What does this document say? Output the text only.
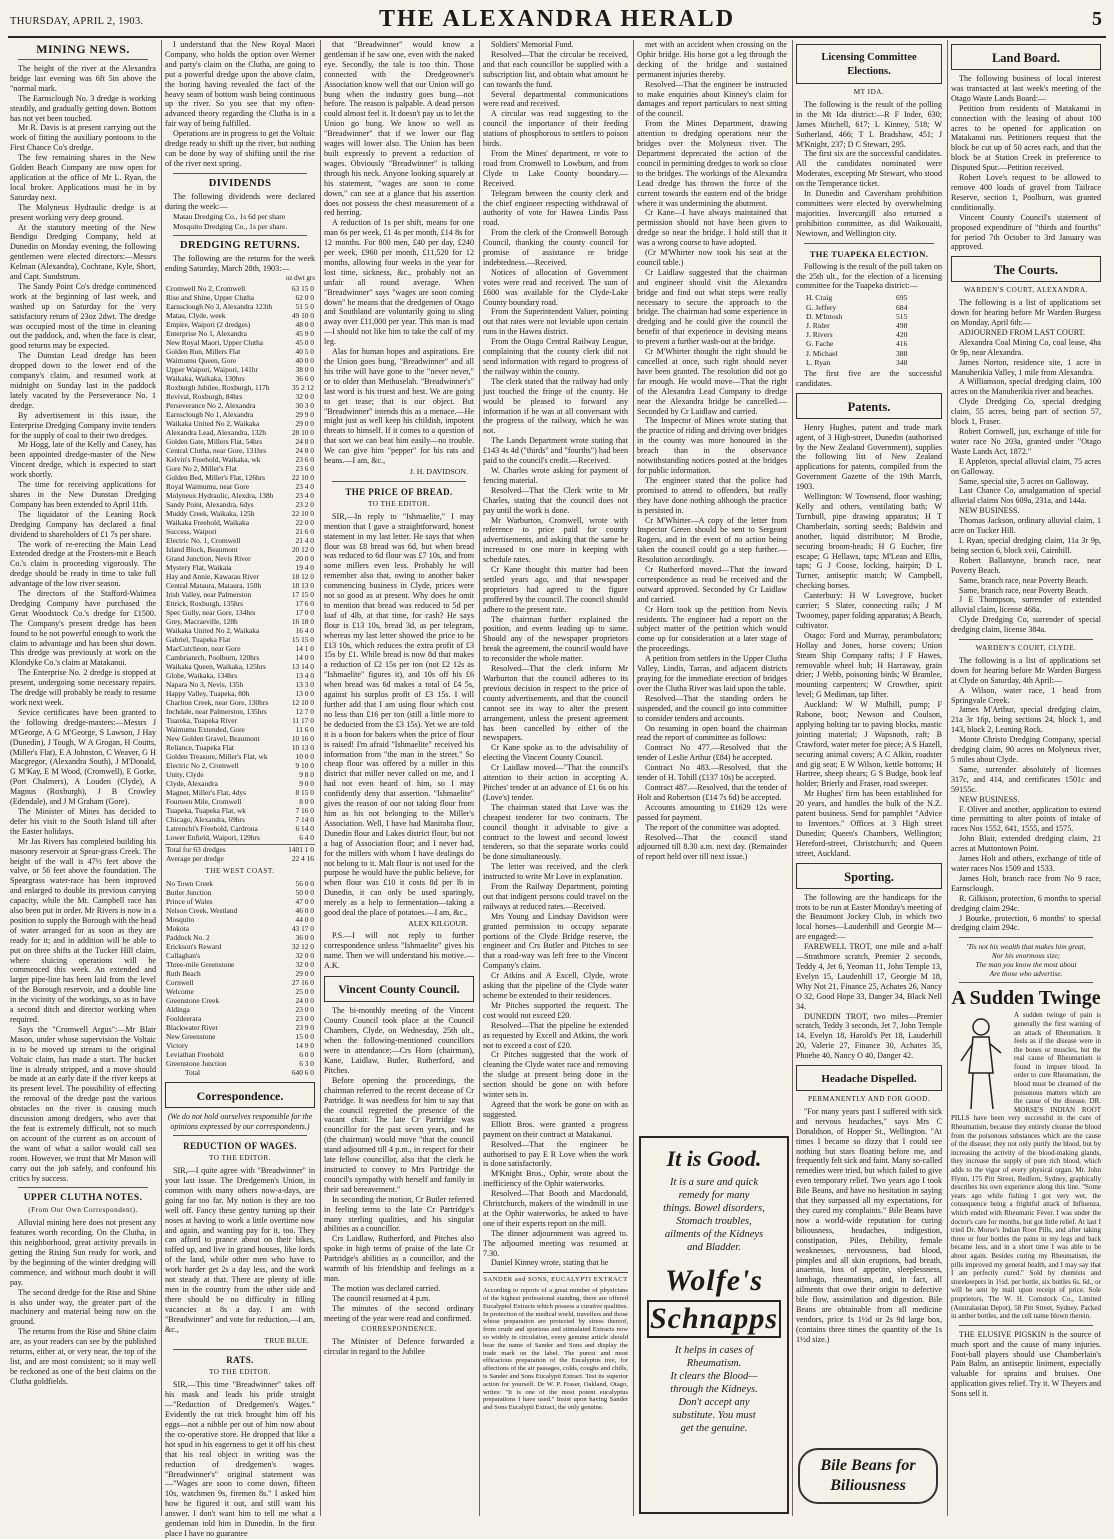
THURSDAY, APRIL 2, 1903.	THE ALEXANDRA HERALD	5
MINING NEWS.

The height of the river at the Alexandra bridge last evening was 6ft 5in above the "normal mark.

The Earnsclough No. 3 dredge is working steadily, and gradually getting down. Bottom has not yet been touched.

Mr R. Davis is at present carrying out the work of fitting the auxiliary pontoons to the First Chance Co's dredge.

The few remaining shares in the New Golden Beach Company are now open for application at the office of Mr L. Ryan, the local broker. Applications must be in by Saturday next.

The Molyneux Hydraulic dredge is at present working very deep ground.

At the statutory meeting of the New Bendigo Dredging Company, held at Dunedin on Monday evening, the following gentlemen were elected directors:—Messrs Kelman (Alexandra), Cochrane, Kyle, Short, and Capt. Sundstrum.

The Sandy Point Co's dredge commenced work at the beginning of last week, and washed up on Saturday for the very satisfactory return of 23oz 2dwt. The dredge was occupied most of the time in cleaning out the paddock, and, when the face is clear, good returns may be expected.

The Dunstan Lead dredge has been dropped down to the lower end of the company's claim, and resumed work at midnight on Sunday last in the paddock lately vacated by the Perseverance No. 1 dredge.

By advertisement in this issue, the Enterprise Dredging Company invite tenders for the supply of coal to their two dredges.

Mr Hogg, late of the Kelly and Casey, has been appointed dredge-master of the New Vincent dredge, which is expected to start work shortly.

The time for receiving applications for shares in the New Dunstan Dredging Company has been extended to April 11th.

The liquidator of the Leaning Rock Dredging Company has declared a final dividend to shareholders of £1 7s per share.

The work of re-erecting the Main Lead Extended dredge at the Frosters-mit e Beach Co.'s claim is proceeding vigorously. The dredge should be ready in time to take full advantage of the low river season.

The directors of the Stafford-Waimea Dredging Company have purchased the Great Woodstock Co.'s dredge for £1500. The Company's present dredge has been found to be not powerful enough to work the claim to advantage and has been shut down. This dredge was previously at work on the Klondyke Co.'s claim at Matakanui.

The Enterprise No. 2 dredge is stopped at present, undergoing some necessary repairs. The dredge will probably be ready to resume work next week.

Sevice certificates have been granted to the following dredge-masters:—Messrs J M'George, A G M'George, S Lawson, J Hay (Dunedin), J Tough, W A Grogan, H Coutts, (Miller's Flat), E A Johnston, C Weaver, G H Macgregor, (Alexandra South), J M'Donald, G M'Kay, E M Wood, (Cromwell), E Gorke, (Port Chalmers), A Louden (Clyde), A Magnus (Roxburgh), J B Crowley (Edendale), and J M Graham (Gore).

The Minister of Mines has decided to defer his visit to the South Island till after the Easter holidays.

Mr Jas Rivers has completed building his masonry reservoir at Spear-grass Creek. The height of the wall is 47½ feet above the valve, or 56 feet above the foundation. The Speargrass water-race has been improved and enlarged to double its previous carrying capacity, while the Mt. Campbell race has also been put in order. Mr Rivers is now in a position to supply the Borough with the head of water arranged for as soon as they are ready for it; and in addition will be able to put on three shifts at the Tucker Hill claim, where sluicing operations will be commenced this week. An extended and larger pipe-line has been laid from the level of the Borough reservoir, and a double line in the vicinity of the workings, so as to have a second ditch and director working when required.

Says the "Cromwell Argus":—Mr Blair Mason, under whose supervision the Voltaic is to be moved up stream to the original Voltaic claim, has made a start. The bucket line is already stripped, and a move should be made at an early date if the river keeps at its present level. The possibility of effecting the removal of the dredge past the various obstacles on the river is causing much discussion among dredgers, who aver that the feat is extremely difficult, not so much on account of the current as on account of the want of what a sailor would call sea room. However, we trust that Mr Mason will carry out the job safely, and confound his critics by success.

UPPER CLUTHA NOTES.
(From Our Own Correspondent).

Alluvial mining here does not present any features worth recording. On the Clutha, in this neighborhood, great activity prevails in getting the Rising Sun ready for work, and by the beginning of the winter dredging will commence, and without much doubt it will pay.

The second dredge for the Rise and Shine is also under way, the greater part of the machinery and material being now on the ground.

The returns from the Rise and Shine claim are, as your readers can see by the published returns, either at, or very near, the top of the list, and are most consistent; so it may well be reckoned as one of the best claims on the Clutha goldfields.

I understand that the New Royal Maori Company, who holds the option over Werner and party's claim on the Clutha, are going to put a powerful dredge upon the above claim, the boring having revealed the fact of the heavy seam of bottom wash being continuous up the river. So you see that my often-advanced theory regarding the Clutha is in a fair way of being fulfilled.

Operations are in progress to get the Voltaic dredge ready to shift up the river, but nothing can be done by way of shifting until the rise of the river next spring.

DIVIDENDS

The following dividends were declared during the week:—

Matau Dredging Co., 1s 6d per share
Mosquito Dredging Co., 1s per share.
DREDGING RETURNS.

The following are the returns for the week ending Saturday, March 28th, 1903:—

oz dwt grs
Cromwell No 2, Cromwell	63 15 0
Rise and Shine, Upper Clutha	62 0 0
Earnsclough No 3, Alexandra 123th	51 5 0
Matau, Clyde, week	49 10 0
Empire, Waipori (2 dredges)	48 0 0
Enterprise No 1, Alexandra	45 9 0
New Royal Maori, Upper Clutha	45 0 0
Golden Run, Millers Flat	40 5 0
Waimumu Queen, Gore	40 0 0
Upper Waipori, Waipori, 141hr	38 0 0
Waikaka, Waikaka, 130hrs	36 6 0
Roxburgh Jubilee, Roxburgh, 117h	35 2 12
Revival, Roxburgh, 84hrs	32 0 0
Perseverance No 2, Alexandra	30 3 0
Earnsclough No 1, Alexandra	29 9 0
Waikaka United No 2, Waikaka	29 0 0
Alexandra Lead, Alexandra, 132h	28 10 0
Golden Gate, Millers Flat, 54hrs	24 8 0
Central Clutha, near Gore, 131hrs	24 8 0
Kelvin's Freehold, Waikaka, wk	23 6 0
Gore No 2, Miller's Flat	23 6 0
Golden Bed, Miller's Flat, 126hrs	22 10 0
Royal Waimumu, near Gore	23 4 0
Molyneux Hydraulic, Alexdra, 138h	23 4 0
Sandy Point, Alexandra, 6dys	23 2 0
Muddy Creek, Waikaka, 125h	22 10 0
Waikaka Freehold, Waikaka	22 0 0
Success, Waipori	21 6 0
Electric No. 1, Cromwell	21 4 0
Island Block, Beaumont	20 12 0
Grand Junction, Nevis River	20 0 0
Mystery Flat, Waikaia	19 4 0
Hay and Annie, Kawarau River	18 12 0
Central Mataura, Mataura, 150h	18 13 0
Irish Valley, near Palmerston	17 15 0
Ettrick, Roxburgh, 135hrs	17 6 0
Spec Gully, near Gore, 134hrs	17 0 0
Grey, Macraeville, 128h	16 18 0
Waikaka United No 2, Waikaka	16 4 0
Gabriel, Tuapeka Flat	15 15 0
MacCutcheon, near Gore	14 1 0
Cambrianrch, Poolburn, 120hrs	14 0 0
Waikaka Queen, Waikaka, 125hrs	13 14 0
Globe, Waikaka, 134hrs	13 4 0
Napara No 3, Nevis, 135h	13 3 0
Happy Valley, Tuapeka, 80h	13 0 0
Charlton Creek, near Gore, 130hrs	12 10 0
Inchdale, near Palmerston, 135hrs	12 7 0
Tuareka, Tuapeka River	11 17 0
Waimumu Extended, Gore	11 6 0
New Golden Gravel, Beaumont	10 16 0
Reliance, Tuapeka Flat	10 13 0
Golden Treasure, Miller's Flat, wk	10 0 0
Electric No 2, Cromwell	9 10 0
Unity, Clyde	9 8 0
Clyde, Alexandra	9 0 0
Magnet, Miller's Flat, 4dys	8 15 0
Fourteen Mile, Cromwell	8 0 0
Tuapeka, Tuapeka Flat, wk	7 16 0
Chicago, Alexandra, 69hrs	7 14 0
Latrenchi's Freehold, Cardrona	6 14 0
Lower Enfield, Waipori, 129hrs	6 4 0
Total for 63 dredges	1401 1 0
Average per dredge	22 4 16
THE WEST COAST.
No Town Creek	56 0 0
Butler Junction	50 0 0
Prince of Wales	47 0 0
Nelson Creek, Westland	46 0 0
Mosquito	44 0 0
Mokota	43 17 0
Paddock No. 2	36 0 0
Erickson's Reward	32 12 0
Callaghan's	32 0 0
Three-mile Greenstone	32 0 0
Ruth Beach	29 0 0
Cornwell	27 16 0
Welcome	25 0 0
Greenstone Creek	24 0 0
Aldinga	23 0 0
Fooldeerara	23 0 0
Blackwater River	23 9 0
New Greenstone	15 0 0
Victory	14 9 0
Leviathan Freehold	6 0 0
Greenstone Junction	6 3 0
Total	640 6 0
Correspondence.
(We do not hold ourselves responsible for the opinions expressed by our correspondents.)
REDUCTION OF WAGES.
TO THE EDITOR.

SIR,—I quite agree with "Breadwinner" in your last issue. The Dredgemen's Union, in common with many others now-a-days, are going far too far. My notion is they are too well off. Fancy these gentry turning up their noses at having to work a little overtime now and again, and wanting pay for it, too. They can afford to prance about on their bikes, toffed up, and live in grand houses, like lords of the land, while other men who have to work harder get 2s a day less, and the work not steady at that. There are plenty of idle men in the country from the other side and there should be no difficulty in filling vacancies at 8s a day. I am with "Breadwinner" and vote for reduction,—I am, &c.,

TRUE BLUE.
RATS.
TO THE EDITOR.

SIR,—This time "Breadwinner" takes off his mask and leads his pride straight—"Reduction of Dredgemen's Wages." Evidently the rat trick brought him off his eggs—not a nibble per out of him now about the co-operative store. He dropped that like a hot spud in his eagerness to get it off his chest that his real object in writing was the reduction of dredgemen's wages. "Breadwinner's" original statement was—"Wages are soon to come down, fifteen 10s, watchmen 9s, firemen 8s." I asked him how he figured it out, and still want his answer. I don't want him to tell me what a gentleman told him in Dunedin. In the first place I have no guarantee

that "Breadwinner" would know a gentleman if he saw one, even with the naked eye. Secondly, the tale is too thin. Those connected with the Dredgeowner's Association know well that our Union will go bung when the industry goes bung—not before. The reason is palpable. A dead person could almost feel it. It doesn't pay us to let the Union go bung. We know so well as "Breadwinner" that if we lower our flag wages will lower also. The Union has been built expressly to prevent a reduction of wages. Obviously "Breadwinner" is talking through his neck. Anyone looking squarely at his statement, "wages are soon to come down," can see at a glance that his assertion does not possess the chest measurement of a red herring.

A reduction of 1s per shift, means for one man 6s per week, £1 4s per month, £14 8s for 12 months. For 800 men, £40 per day, £240 per week, £960 per month, £11,520 for 12 months, allowing four weeks in the year for lost time, sickness, &c., probably not an unfair all round average. When "Breadwinner" says "wages are soon coming down" he means that the dredgemen of Otago and Southland are voluntarily going to sling away over £11,000 per year. This man is mad—I should not like him to take the calf of my leg.

Alas for human hopes and aspirations. Ere the Union goes bung, "Breadwinner" and all his tribe will have gone to the "never never," or to older than Methuselah. "Breadwinner's" last word is his truest and best. We are going to get tease; that is our object. But "Breadwinner" intends this as a menace.—He might just as well keep his childish, impotent threats to himself. If it comes to a question of that sort we can beat him easily—no trouble. We can give him "pepper" for his rats and beans.—I am, &c.,

J. H. DAVIDSON.
THE PRICE OF BREAD.
TO THE EDITOR.

SIR,—In reply to "Ishmaelite," I may mention that I gave a straightforward, honest statement in my last letter. He says that when flour was £8 bread was 6d, but when bread was reduced to 6d flour was £7 10s, and from some millers even less. Probably he will remember also that, owing to another baker commencing business in Clyde, prices were not so good as at present. Why does he omit to mention that bread was reduced to 5d per loaf of 4lb, at that time, for cash? He says flour is £13 10s, bread 3d, as per telegram, whereas my last letter showed the price to be £13 10s, which reduces the extra profit of £3 15s by £1. While bread is now 8d that makes a reduction of £2 15s per ton (not £2 12s as "Ishmaelite" figures it), and 10s off his £6 when bread was 6d makes a total of £4 5s, against his surplus profit of £3 15s. I will further add that I am using flour which cost no less than £16 per ton (still a little more to be deducted from the £3 15s). Yet we are told it is a boon for bakers when the price of flour is raised! I'm afraid "Ishmaelite" received his information from "the man in the street." So cheap flour was offered by a miller in this district that miller never called on me, and I had not even heard of him, so I may confidently deny that assertion. "Ishmaelite" gives the reason of our not taking flour from him as his not belonging to the Miller's Association. Well, I have had Manitoba flour, Dunedin flour and Lakes district flour, but not a bag of Association flour; and I never had, for the millers with whom I have dealings do not belong to it. Malt flour is not used for the purpose he would have the public believe, for when flour was £10 it costs 8d per lb in Dunedin, it can only be used sparingly, merely as a help to fermentation—taking a good deal the place of potatoes.—I am, &c.,

ALEX KILGOUR.

P.S.—I will not reply to further correspondence unless "Ishmaelite" gives his name. Then we will understand his motive.—A.K.

Vincent County Council.

The bi-monthly meeting of the Vincent County Council took place at the Council Chambers, Clyde, on Wednesday, 25th ult., when the following-mentioned councillors were in attendance:—Crs Horn (chairman), Kane, Laidlaw, Butler, Rutherford, and Pitches.

Before opening the proceedings, the chairman referred to the recent decease of Cr Partridge. It was needless for him to say that the council regretted the presence of the vacant chair. The late Cr Partridge was councillor for the past seven years, and he (the chairman) would move "that the council stand adjourned till 4 p.m., in respect for their late fellow councillor, also that the clerk be instructed to convey to Mrs Partridge the council's sympathy with herself and family in their sad bereavement."

In seconding the motion, Cr Butler referred in feeling terms to the late Cr Partridge's many sterling qualities, and his singular abilities as a councillor.

Crs Laidlaw, Rutherford, and Pitches also spoke in high terms of praise of the late Cr Partridge's abilities as a councillor, and the warmth of his friendship and feelings as a man.

The motion was declared carried.

The council resumed at 4 p.m.

The minutes of the second ordinary meeting of the year were read and confirmed.

CORRESPONDENCE.

The Minister of Defence forwarded a circular in regard to the Jubilee

Soldiers' Memorial Fund.

Resolved—That the circular be received, and that each councillor be supplied with a subscription list, and obtain what amount he can towards the fund.

Several departmental communications were read and received.

A circular was read suggesting to the council the importance of their feeding stations of phosphorous to settlers to poison birds.

From the Mines' department, re vote to road from Cromwell to Lowburn, and from Clyde to Lake County boundary.—Received.

Telegram between the county clerk and the chief engineer respecting withdrawal of authority of vote for Hawea Lindis Pass road.

From the clerk of the Cromwell Borough Council, thanking the county council for promise of assistance re bridge indebtedness.—Received.

Notices of allocation of Government votes were read and received. The sum of £600 was available for the Clyde-Lake County boundary road.

From the Superintendent Valuer, pointing out that rates were not leviable upon certain runs in the Hawea district.

From the Otago Central Railway League, complaining that the county clerk did not send information with regard to progress of the railway within the county.

The clerk stated that the railway had only just touched the fringe of the county. He would be pleased to forward any information if he was at all conversant with the progress of the railway, which he was not.

The Lands Department wrote stating that £143 4s 4d ("thirds" and "fourths") had been paid to the council's credit.—Received.

W. Charles wrote asking for payment of fencing material.

Resolved—That the Clerk write to Mr Charles, stating that the council does not pay until the work is done.

Mr Warburton, Cromwell, wrote with reference to price paid for county advertisements, and asking that the same be increased to one more in keeping with schedule rates.

Cr Kane thought this matter had been settled years ago, and that newspaper proprietors had agreed to the figure proffered by the council. The council should adhere to the present rate.

The chairman further explained the position, and events leading up to same. Should any of the newspaper proprietors break the agreement, the council would have to reconsider the whole matter.

Resolved—That the clerk inform Mr Warburton that the council adheres to its previous decision in respect to the price of county advertisements, and that the council cannot see its way to alter the present arrangement, unless the present agreement has been cancelled by either of the newspapers.

Cr Kane spoke as to the advisability of electing the Vincent County Council.

Cr Laidlaw moved—"That the council's attention to their action in accepting A. Pitches' tender at an advance of £1 6s on his (Love's) tender.

The chairman stated that Love was the cheapest tenderer for two contracts. The council thought it advisable to give a contract to the lowest and second lowest tenderers, so that the separate works could be done simultaneously.

The letter was received, and the clerk instructed to write Mr Love in explanation.

From the Railway Department, pointing out that indigent persons could travel on the railways at reduced rates.—Received.

Mrs Young and Lindsay Davidson were granted permission to occupy separate portions of the Clyde Bridge reserve, the engineer and Crs Butler and Pitches to see that a road-way was left free to the Vincent Company's claim.

Cr Atkins and A Excell, Clyde, wrote asking that the pipeline of the Clyde water scheme be extended to their residences.

Mr Pitches supported the request. The cost would not exceed £20.

Resolved—That the pipeline be extended as requested by Excell and Atkins, the work not to exceed a cost of £20.

Cr Pitches suggested that the work of cleaning the Clyde water race and removing the sludge at present being done in the section should be gone on with before winter sets in.

Agreed that the work be gone on with as suggested.

Elliott Bros. were granted a progress payment on their contract at Matakanui.

Resolved—That the engineer be authorised to pay E R Love when the work is done satisfactorily.

M'Knight Bros., Ophir, wrote about the inefficiency of the Ophir waterworks.

Resolved—That Booth and Macdonald, Christchurch, makers of the windmill in use at the Ophir waterworks, be asked to have one of their experts report on the mill.

The dinner adjournment was agreed to. The adjourned meeting was resumed at 7.30.

Daniel Kinney wrote, stating that he

SANDER and SONS, EUCALYPTI EXTRACT

According to reports of a great number of physicians of the highest professional standing, there are offered Eucalyptol Extracts which possess a curative qualities. In protection of the medical world, travellers and those whose preparation are protected by stress thereof, from crude and spurious and stimulated Extracts now so widely in circulation, every genuine article should bear the name of Sander and Sons and display the trade mark on the label. The purest and most efficacious preparation of the Eucalyptus tree, for affections of the air passages, colds, coughs and chills, is Sander and Sons Eucalypti Extract. Test its superior action for yourself. Dr W. P. Fraser, Oakland, Otago, writes: "It is one of the most potent eucalyptus preparations I have used." Insist upon having Sander and Sons Eucalypti Extract, the only genuine.

met with an accident when crossing on the Ophir bridge. His horse got a leg through the decking of the bridge and sustained permanent injuries thereby.

Resolved—That the engineer be instructed to make enquiries about Kinney's claim for damages and report particulars to next sitting of the council.

From the Mines Department, drawing attention to dredging operations near the bridges over the Molyneux river. The Department deprecated the action of the council in permitting dredges to work so close to the bridges. The workings of the Alexandra Lead dredge has thrown the force of the current towards the eastern end of the bridge where it was undermining the abutment.

Cr Kane—I have always maintained that permission should not have been given to dredge so near the bridge. I hold still that it was a wrong course to have adopted.

(Cr M'Whirter now took his seat at the council table.)

Cr Laidlaw suggested that the chairman and engineer should visit the Alexandra bridge and find out what steps were really necessary to secure the approach to the bridge. The chairman had some experience in dredging and he could give the council the benefit of that experience in devising means to prevent a further wash-out at the bridge.

Cr M'Whirter thought the right should be cancelled at once, such right should never have been granted. The resolution did not go far enough. He would move—That the right of the Alexandra Lead Company to dredge near the Alexandra bridge be cancelled.—Seconded by Cr Laidlaw and carried.

The Inspector of Mines wrote stating that the practice of riding and driving over bridges in the county was more honoured in the breach than in the observance notwithstanding notices posted at the bridges for public information.

The engineer stated that the police had promised to attend to offenders, but really they have done nothing although the practice is persisted in.

Cr M'Whirter—A copy of the letter from Inspector Green should be sent to Sergeant Rogers, and in the event of no action being taken the council could go a step further.—Resolution accordingly.

Cr Rutherford moved—That the inward correspondence as read be received and the outward approved. Seconded by Cr Laidlaw and carried.

Cr Horn took up the petition from Nevis residents. The engineer had a report on the subject matter of the petition which would come up for consideration at a later stage of the proceedings.

A petition from settlers in the Upper Clutha Valley, Lindis, Tarras, and adjacent districts praying for the immediate erection of bridges over the Clutha River was laid upon the table.

Resolved—That the standing orders be suspended, and the council go into committee to consider tenders and accounts.

On resuming in open board the chairman read the report of committee as follows:

Contract No 477.—Resolved that the tender of Leslie Arthur (£84) be accepted.

Contract No 483.—Resolved, that the tender of H. Tohill (£137 10s) be accepted.

Contract 487.—Resolved, that the tender of Holt and Robertson (£14 7s 6d) be accepted.

Accounts amounting to £1629 12s were passed for payment.

The report of the committee was adopted.

Resolved—That the council stand adjourned till 8.30 a.m. next day. (Remainder of report held over till next issue.)

Licensing Committee Elections.
MT IDA.

The following is the result of the polling in the Mt Ida district:—R F Inder, 630; James Mitchell, 617; L Kinney, 518; W Sutherland, 466; T L Bradshaw, 451; J M'Knight, 237; D C Stewart, 295.

The first six are the successful candidates. All the candidates nominated were Moderates, excepting Mr Stewart, who stood on the Temperance ticket.

In Dunedin and Caversham prohibition committees were elected by overwhelming majorities. Invercargill also returned a prohibition committee, as did Waikouaiti, Newtown, and Wellington city.

THE TUAPEKA ELECTION.

Following is the result of the poll taken on the 25th ult., for the election of a licensing committee for the Tuapeka district:—

H. Craig	695
G. Jeffery	684
D. M'Intosh	515
J. Rider	498
J. Rivers	420
G. Fache	416
J. Michael	388
L. Ryan	348

The first five are the successful candidates.

Patents.

Henry Hughes, patent and trade mark agent, of 3 High-street, Dunedin (authorised by the New Zealand Government), supplies the following list of New Zealand applications for patents, compiled from the Government Gazette of the 19th March, 1903.

Wellington: W Townsend, floor washing; Kelly and others, ventilating bath; W Turnbull, pipe drawing apparatus; H T Chamberlain, sorting seeds; Baldwin and another, liquid distributor; M Brodie, securing broom-heads; H G Eucher, fire escape; G Hellaws, taps; M'Lean and Ellis, taps; G J Coose, locking, hairpin; D L Turner, antiseptic match; W Campbell, checking horses.

Canterbury: H W Lovegrove, bucket carrier; S Slater, connecting rails; J M Twoomey, paper folding apparatus; A Beach, cultivator.

Otago: Ford and Murray, perambulators; Hollay and Jones, horse covers; Union Steam Ship Company rafts; J F Hawes, removable wheel hub; H Harraway, grain drier; J Webb, poisoning birds; W Bramlee, mounting carpenters; W Crowther, spirit level; G Mediman, tap lifter.

Auckland: W W Mulhill, pump; F Rabone, boot; Newson and Coulson, applying bolting tar to paving blocks, mastic jointing material; J Wapsnoth, raft; B Crawford, water meter foe piece; A S Hazell, securing animal covers; A C Alkin, roadster and gig seat; E W Wilson, kettle bottoms; H Hartree, sheep shears; G S Budge, book leaf holder; Brierly and Fraser, road sweeper.

Mr Hughes' firm has been established for 20 years, and handles the bulk of the N.Z. patent business. Send for pamphlet "Advice to Inventors." Offices at 3 High street Dunedin; Queen's Chambers, Wellington; Hereford-street, Christchurch; and Queen street, Auckland.

Sporting.

The following are the handicaps for the trots to be run at Easter Monday's meeting of the Beaumont Jockey Club, in which two local horses—Laudenhill and Georgie M—are engaged:—

FAREWELL TROT, one mile and a-half—Strathmore scratch, Premier 2 seconds, Teddy 4, Jet 6, Yeoman 11, John Temple 13, Evelyn 15, Laudenhill 17, Georgie M 18, Why Not 21, Finance 25, Achates 26, Nancy O 32, Good Hope 33, Danger 34, Black Nell 34.

DUNEDIN TROT, two miles—Premier scratch, Teddy 3 seconds, Jet 7, John Temple 14, Evelyn 18, Harold's Pet 18, Lauderhill 20, Valerie 27, Finance 30, Achates 35, Phoebe 40, Nancy O 40, Danger 42.

Headache Dispelled.
PERMANENTLY AND FOR GOOD.

"For many years past I suffered with sick and nervous headaches," says Mrs C Donaldson, of Hopper St., Wellington. "At times I became so dizzy that I could see nothing but stars floating before me, and frequently felt sick and faint. Many so-called remedies were tried, but which failed to give even temporary relief. Two years ago I took Bile Beans, and have no hesitation in saying that they surpassed all my expectations, for they cured my complaints." Bile Beans have now a world-wide reputation for curing biliousness, headaches, indigestion, constipation, Piles, Debility, female weaknesses, nervousness, bad blood, pimples and all skin eruptions, bad breath, anaemia, loss of appetite, sleeplessness, lumbago, rheumatism, and, in fact, all ailments that owe their origin to defective bile flow, assimilation and digestion. Bile Beans are obtainable from all medicine vendors, price 1s 1½d or 2s 9d large box, (contains three times the quantity of the 1s 1½d size.)

Land Board.

The following business of local interest was transacted at last week's meeting of the Otago Waste Lands Board:—

Petition from residents of Matakanui in connection with the leasing of about 100 acres to be opened for application on Matakanui run. Petitioners request that the block be cut up of 50 acres each, and that the block be at Station Creek in preference to Disputed Spur.—Petition received.

Robert Love's request to be allowed to remove 400 loads of gravel from Tailrace Reserve, section 1, Poolburn, was granted conditionally.

Vincent County Council's statement of proposed expenditure of "thirds and fourths" for period 7th October to 3rd January was approved.

The Courts.
WARDEN'S COURT, ALEXANDRA.

The following is a list of applications set down for hearing before Mr Warden Burgess on Monday, April 6th:—

ADJOURNED FROM LAST COURT.

Alexandra Coal Mining Co, coal lease, 4ha 0r 9p, near Alexandra.

James Norton, residence site, 1 acre in Manuherikia Valley, 1 mile from Alexandra.

A Williamson, special dredging claim, 100 acres on the Manuherikia river and beaches.

Clyde Dredging Co, special dredging claim, 55 acres, being part of section 57, block 1, Fraser.

Robert Cornwell, jun, exchange of title for water race No 203a, granted under "Otago Waste Lands Act, 1872."

E Appleton, special alluvial claim, 75 acres on Galloway.

Same, special site, 5 acres on Galloway.

Last Chance Co, amalgamation of special alluvial claims Nos 609a, 231a, and 144a.

NEW BUSINESS.

Thomas Jackson, ordinary alluvial claim, 1 acre on Tucker Hill.

L Ryan, special dredging claim, 11a 3r 9p, being section 6, block xvii, Cairnhill.

Robert Ballantyne, branch race, near Poverty Beach.

Same, branch race, near Poverty Beach.

Same, branch race, near Poverty Beach.

J E Thompson, surrender of extended alluvial claim, license 468a.

Clyde Dredging Co, surrender of special dredging claim, license 384a.

WARDEN'S COURT, CLYDE.

The following is a list of applications set down for hearing before Mr Warden Burgess at Clyde on Saturday, 4th April:—

A Wilson, water race, 1 head from Springvale Creek.

James M'Arthur, special dredging claim, 21a 3r 16p, being sections 24, block 1, and 143, block 2, Leaning Rock.

Monte Christo Dredging Company, special dredging claim, 90 acres on Molyneux river, 5 miles about Clyde.

Same, surrender absolutely of licenses 317c, and 414, and certificates 1501c and 59155c.

NEW BUSINESS.

F. Oliver and another, application to extend time permitting to alter points of intake of races Nos 1552, 641, 1555, and 1575.

John Blair, extended dredging claim, 21 acres at Muttontown Point.

James Holt and others, exchange of title of water races Nos 1509 and 1533.

James Holt, branch race from No 9 race, Earnsclough.

R. Gilkison, protection, 6 months to special dredging claim 294c.

J Bourke, protection, 6 months' to special dredging claim 294c.

'Tis not his wealth that makes him great,
Nor his enormous size;
The man you know the most about
Are those who advertise.
A Sudden Twinge

A sudden twinge of pain is generally the first warning of an attack of Rheumatism. It feels as if the disease were in the bones or muscles, but the real cause of Rheumatism is found in impure blood. In order to cure Rheumatism, the blood must be cleansed of the poisonous matters which are the cause of the disease. DR. MORSE'S INDIAN ROOT PILLS have been very successful in the cure of Rheumatism, because they entirely cleanse the blood from the poisonous substances which are the cause of the disease; they not only purify the blood, but by increasing the activity of the blood-making glands, they increase the supply of pure rich blood, which adds to the vigor of every physical organ. Mr. John Flynn, 175 Pitt Street, Redfern, Sydney, graphically describes his own experience along this line. "Some years ago while fishing I got very wet, the consequence being a frightful attack of Influenza, which ended with Rheumatic Fever. I was under the doctor's care for months, but got little relief. At last I tried Dr. Morse's Indian Root Pills, and after taking three or four bottles the pains in my legs and back became less, and in a short time I was able to be about again. Besides curing my Rheumatism, the pills improved my general health, and I may say that I am perfectly cured." Sold by chemists and storekeepers in 1½d. per bottle, six bottles 6s. 6d., or will be sent by mail upon receipt of price. Sole proprietors, The W. H. Comstock Co., Limited (Australasian Depot), 58 Pitt Street, Sydney. Packed in amber bottles, and the cell name blown therein.

THE ELUSIVE PIGSKIN is the source of much sport and the cause of many injuries. Foot-ball players should use Chamberlain's Pain Balm, an antiseptic liniment, especially valuable for sprains and bruises. One application gives relief. Try it. W Theyers and Sons sell it.

It is Good.
It is a sure and quick
remedy for many
things. Bowel disorders,
Stomach troubles,
ailments of the Kidneys
and Bladder.
Wolfe's
Schnapps
It helps in cases of
Rheumatism.
It clears the Blood—
through the Kidneys.
Don't accept any
substitute. You must
get the genuine.
Bile Beans for Biliousness
